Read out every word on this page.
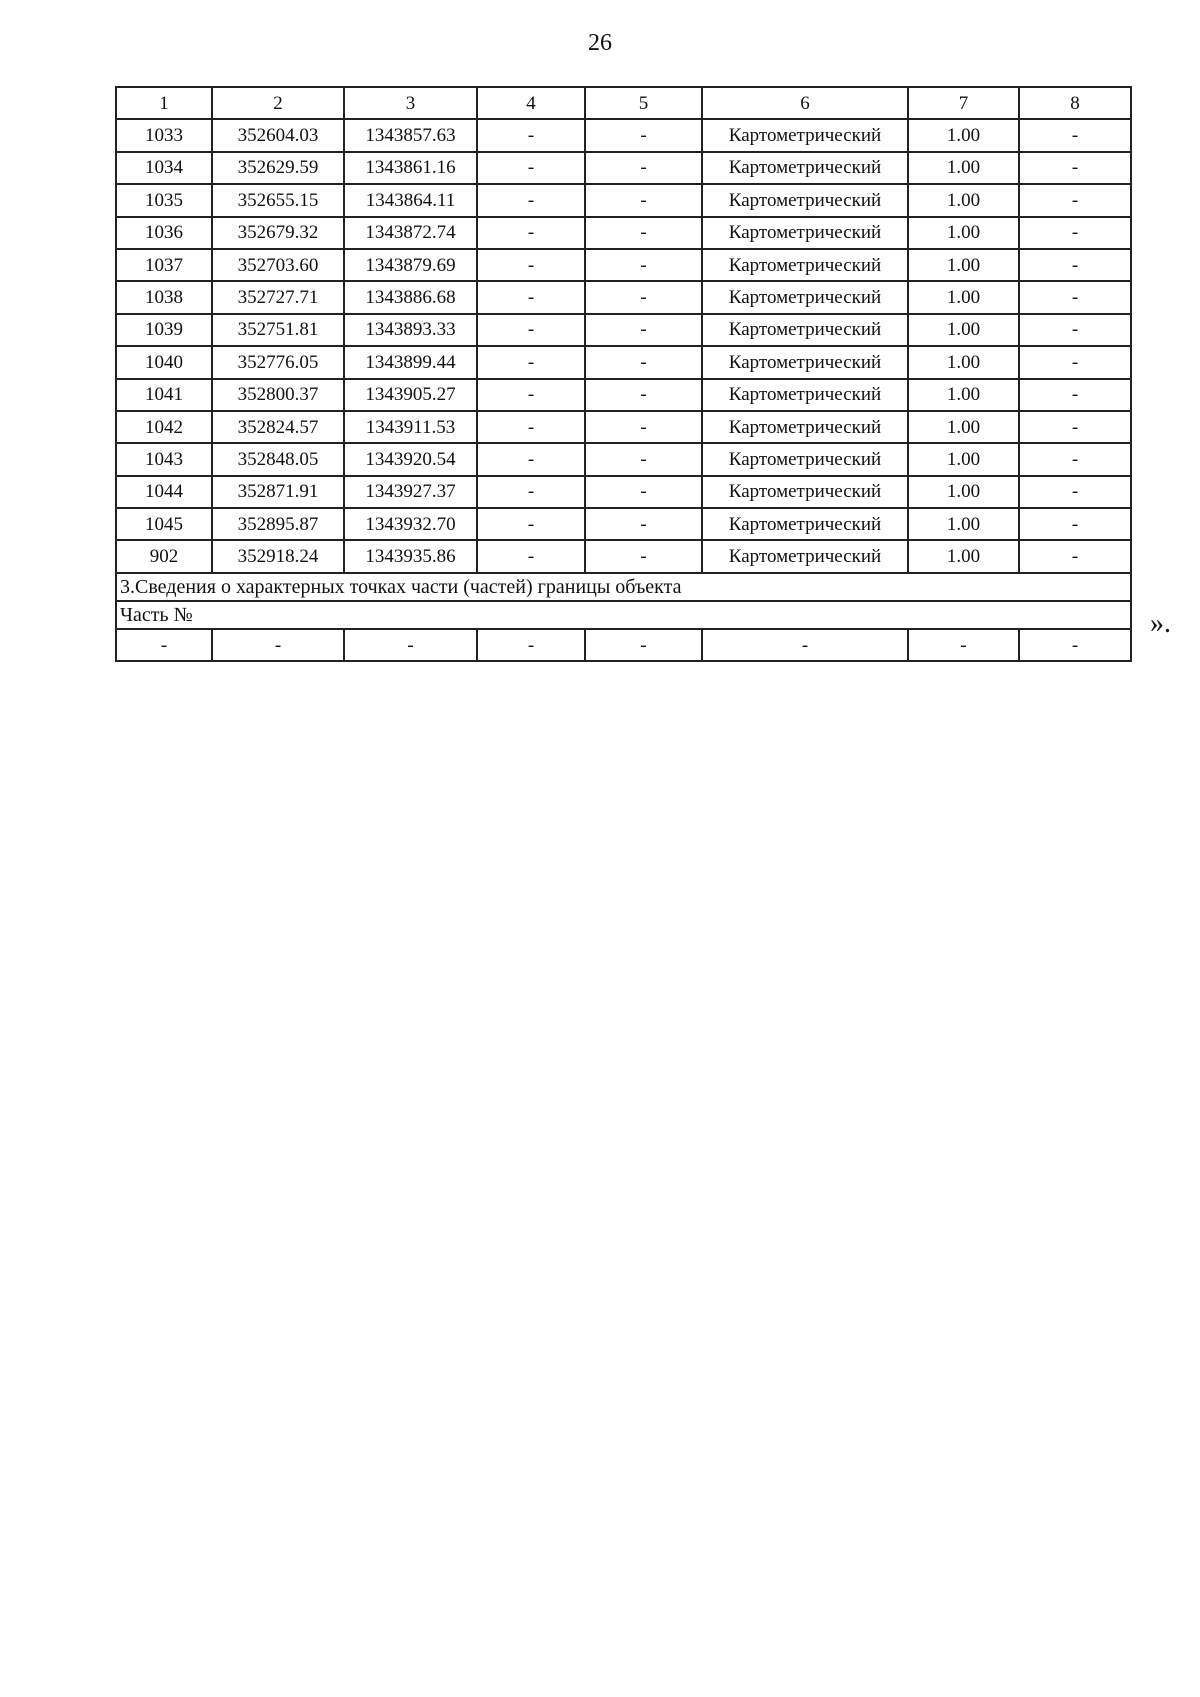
26
1	2	3	4	5	6	7	8
1033	352604.03	1343857.63	-	-	Картометрический	1.00	-
1034	352629.59	1343861.16	-	-	Картометрический	1.00	-
1035	352655.15	1343864.11	-	-	Картометрический	1.00	-
1036	352679.32	1343872.74	-	-	Картометрический	1.00	-
1037	352703.60	1343879.69	-	-	Картометрический	1.00	-
1038	352727.71	1343886.68	-	-	Картометрический	1.00	-
1039	352751.81	1343893.33	-	-	Картометрический	1.00	-
1040	352776.05	1343899.44	-	-	Картометрический	1.00	-
1041	352800.37	1343905.27	-	-	Картометрический	1.00	-
1042	352824.57	1343911.53	-	-	Картометрический	1.00	-
1043	352848.05	1343920.54	-	-	Картометрический	1.00	-
1044	352871.91	1343927.37	-	-	Картометрический	1.00	-
1045	352895.87	1343932.70	-	-	Картометрический	1.00	-
902	352918.24	1343935.86	-	-	Картометрический	1.00	-
3.Сведения о характерных точках части (частей) границы объекта							
Часть №							
-	-	-	-	-	-	-	-
».
